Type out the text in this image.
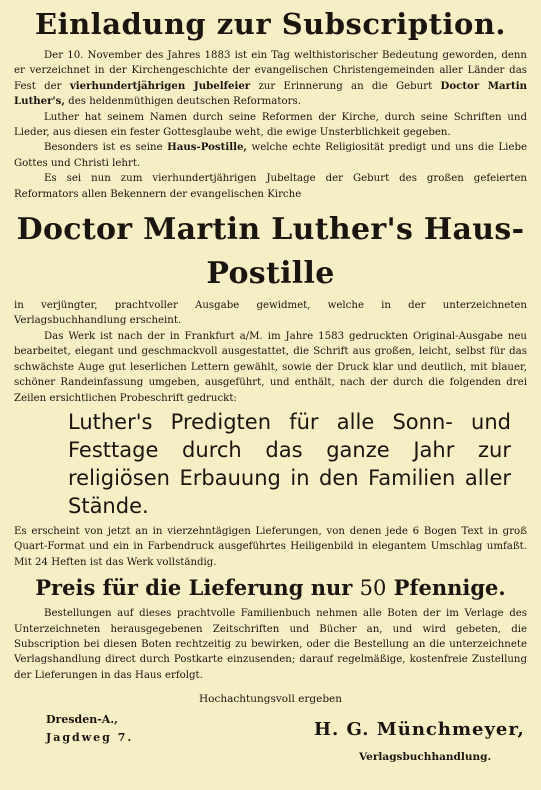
Einladung zur Subscription.

Der 10. November des Jahres 1883 ist ein Tag welthistorischer Bedeutung geworden, denn er verzeichnet in der Kirchengeschichte der evangelischen Christengemeinden aller Länder das Fest der vierhundertjährigen Jubelfeier zur Erinnerung an die Geburt Doctor Martin Luther's, des heldenmüthigen deutschen Reformators.

Luther hat seinem Namen durch seine Reformen der Kirche, durch seine Schriften und Lieder, aus diesen ein fester Gottesglaube weht, die ewige Unsterblichkeit gegeben.

Besonders ist es seine Haus-Postille, welche echte Religiosität predigt und uns die Liebe Gottes und Christi lehrt.

Es sei nun zum vierhundertjährigen Jubeltage der Geburt des großen gefeierten Reformators allen Bekennern der evangelischen Kirche

Doctor Martin Luther's Haus-Postille

in verjüngter, prachtvoller Ausgabe gewidmet, welche in der unterzeichneten Verlagsbuchhandlung erscheint.

Das Werk ist nach der in Frankfurt a/M. im Jahre 1583 gedruckten Original-Ausgabe neu bearbeitet, elegant und geschmackvoll ausgestattet, die Schrift aus großen, leicht, selbst für das schwächste Auge gut leserlichen Lettern gewählt, sowie der Druck klar und deutlich, mit blauer, schöner Randeinfassung umgeben, ausgeführt, und enthält, nach der durch die folgenden drei Zeilen ersichtlichen Probeschrift gedruckt:

Luther's Predigten für alle Sonn- und Festtage durch das ganze Jahr zur religiösen Erbauung in den Familien aller Stände.

Es erscheint von jetzt an in vierzehntägigen Lieferungen, von denen jede 6 Bogen Text in groß Quart-Format und ein in Farbendruck ausgeführtes Heiligenbild in elegantem Umschlag umfaßt. Mit 24 Heften ist das Werk vollständig.

Preis für die Lieferung nur 50 Pfennige.

Bestellungen auf dieses prachtvolle Familienbuch nehmen alle Boten der im Verlage des Unterzeichneten herausgegebenen Zeitschriften und Bücher an, und wird gebeten, die Subscription bei diesen Boten rechtzeitig zu bewirken, oder die Bestellung an die unterzeichnete Verlagshandlung direct durch Postkarte einzusenden; darauf regelmäßige, kostenfreie Zustellung der Lieferungen in das Haus erfolgt.

Hochachtungsvoll ergeben
Dresden-A.,
Jagdweg 7.	H. G. Münchmeyer,
Verlagsbuchhandlung.
